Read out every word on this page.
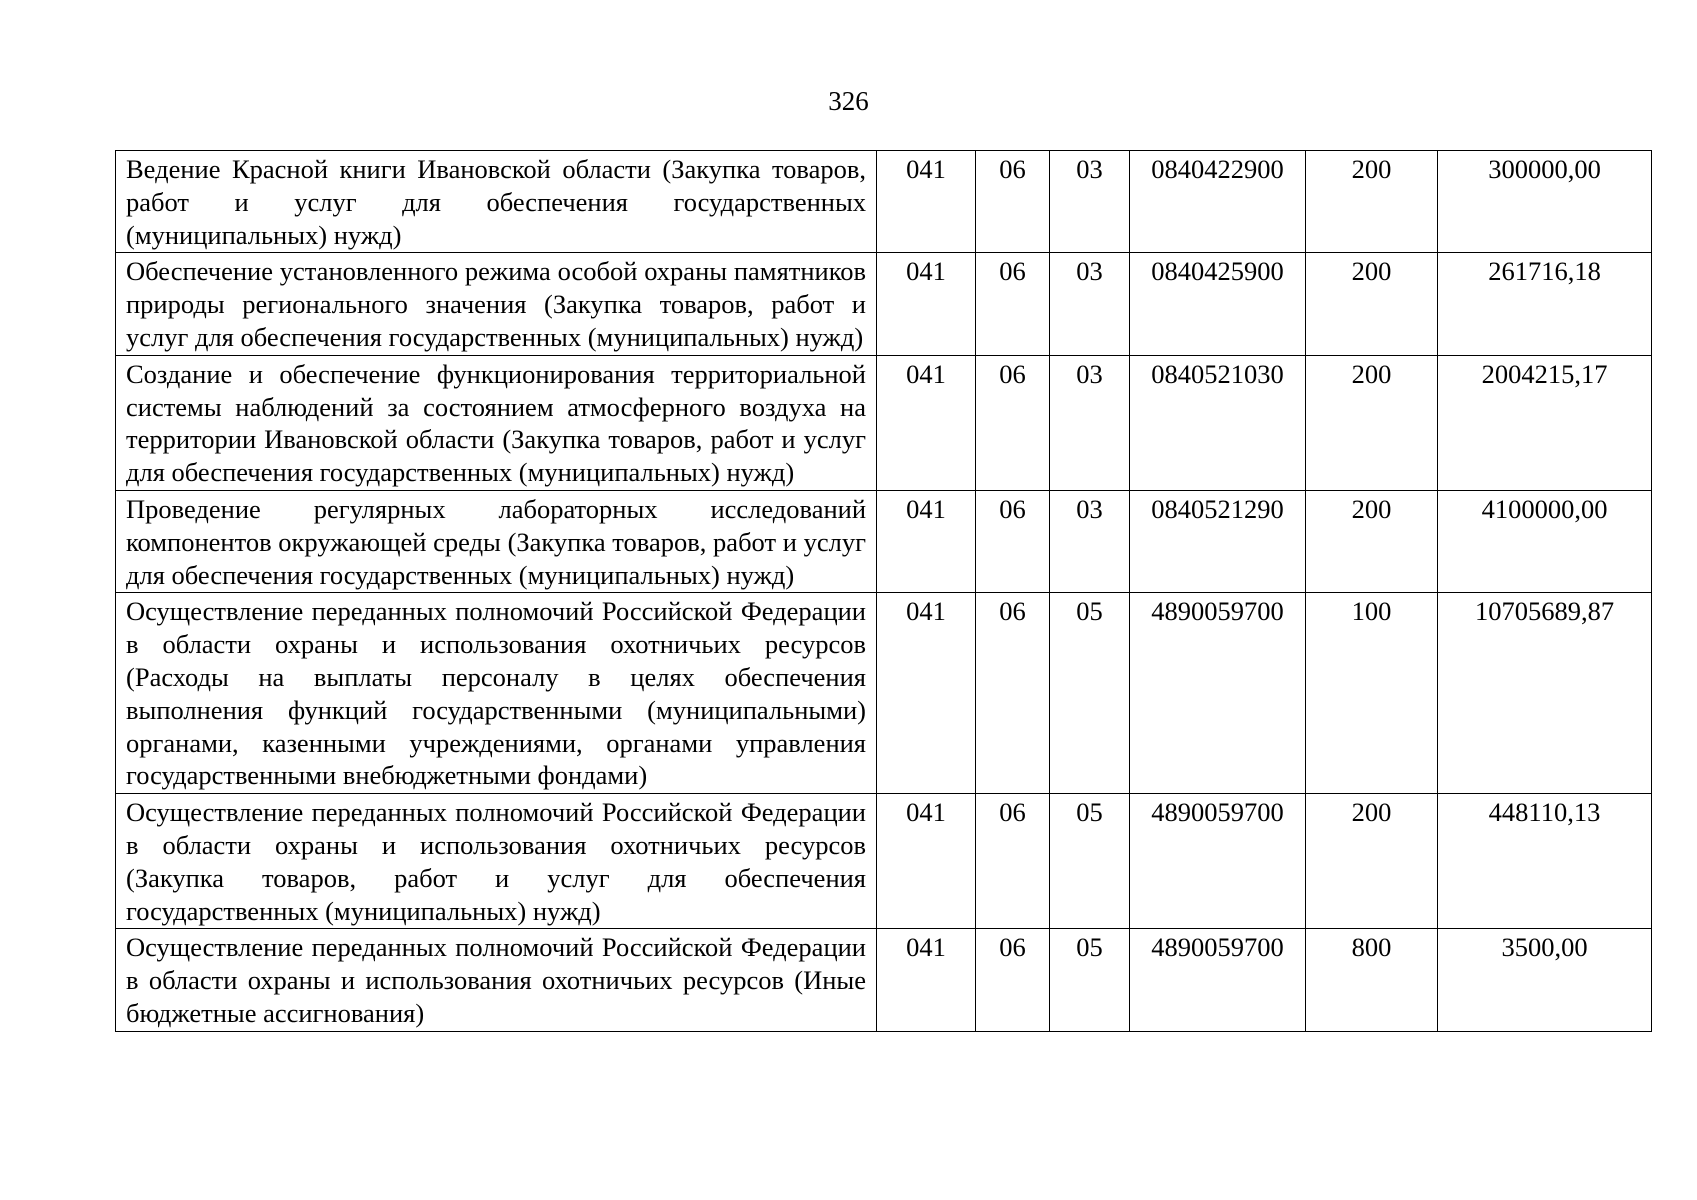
326
Ведение Красной книги Ивановской области (Закупка товаров, работ и услуг для обеспечения государственных (муниципальных) нужд)	041	06	03	0840422900	200	300000,00
Обеспечение установленного режима особой охраны памятников природы регионального значения (Закупка товаров, работ и услуг для обеспечения государственных (муниципальных) нужд)	041	06	03	0840425900	200	261716,18
Создание и обеспечение функционирования территориальной системы наблюдений за состоянием атмосферного воздуха на территории Ивановской области (Закупка товаров, работ и услуг для обеспечения государственных (муниципальных) нужд)	041	06	03	0840521030	200	2004215,17
Проведение регулярных лабораторных исследований компонентов окружающей среды (Закупка товаров, работ и услуг для обеспечения государственных (муниципальных) нужд)	041	06	03	0840521290	200	4100000,00
Осуществление переданных полномочий Российской Федерации в области охраны и использования охотничьих ресурсов (Расходы на выплаты персоналу в целях обеспечения выполнения функций государственными (муниципальными) органами, казенными учреждениями, органами управления государственными внебюджетными фондами)	041	06	05	4890059700	100	10705689,87
Осуществление переданных полномочий Российской Федерации в области охраны и использования охотничьих ресурсов (Закупка товаров, работ и услуг для обеспечения государственных (муниципальных) нужд)	041	06	05	4890059700	200	448110,13
Осуществление переданных полномочий Российской Федерации в области охраны и использования охотничьих ресурсов (Иные бюджетные ассигнования)	041	06	05	4890059700	800	3500,00
